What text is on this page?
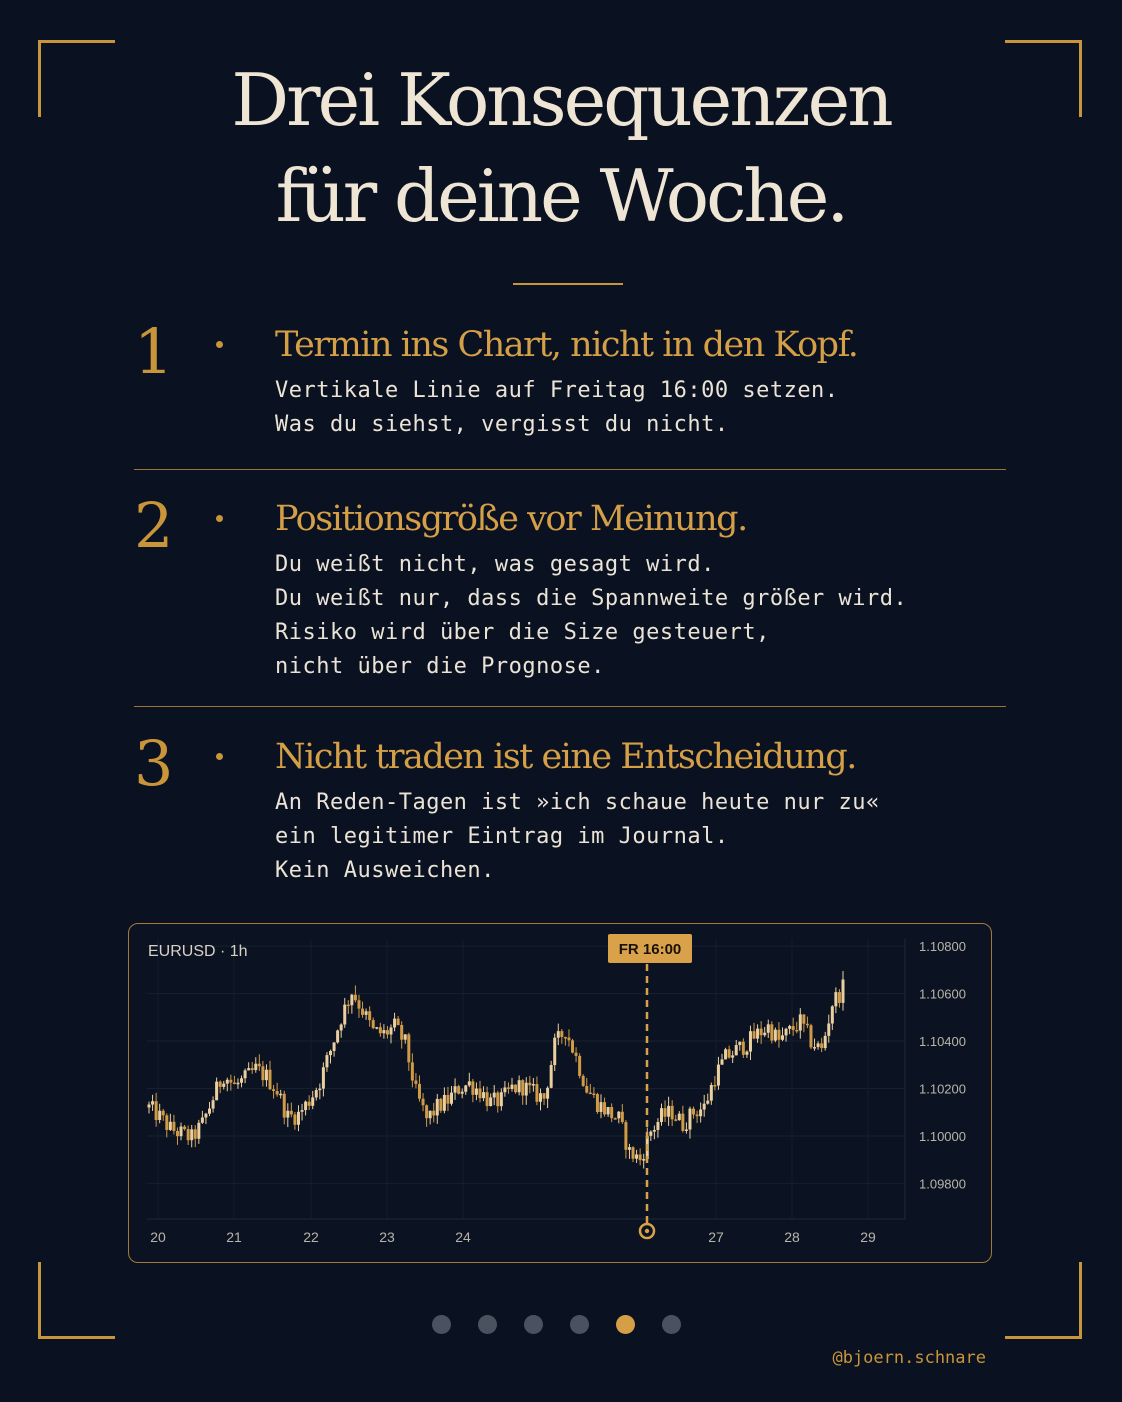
Drei Konsequenzen
für deine Woche.
1	Termin ins Chart, nicht in den Kopf.
Vertikale Linie auf Freitag 16:00 setzen.
Was du siehst, vergisst du nicht.
2	Positionsgröße vor Meinung.
Du weißt nicht, was gesagt wird.
Du weißt nur, dass die Spannweite größer wird.
Risiko wird über die Size gesteuert,
nicht über die Prognose.
3	Nicht traden ist eine Entscheidung.
An Reden-Tagen ist »ich schaue heute nur zu«
ein legitimer Eintrag im Journal.
Kein Ausweichen.
1.10800
1.10600
1.10400
1.10200
1.10000
1.09800
20	21	22	23	24	27	28	29
FR 16:00
EURUSD · 1h
@bjoern.schnare
